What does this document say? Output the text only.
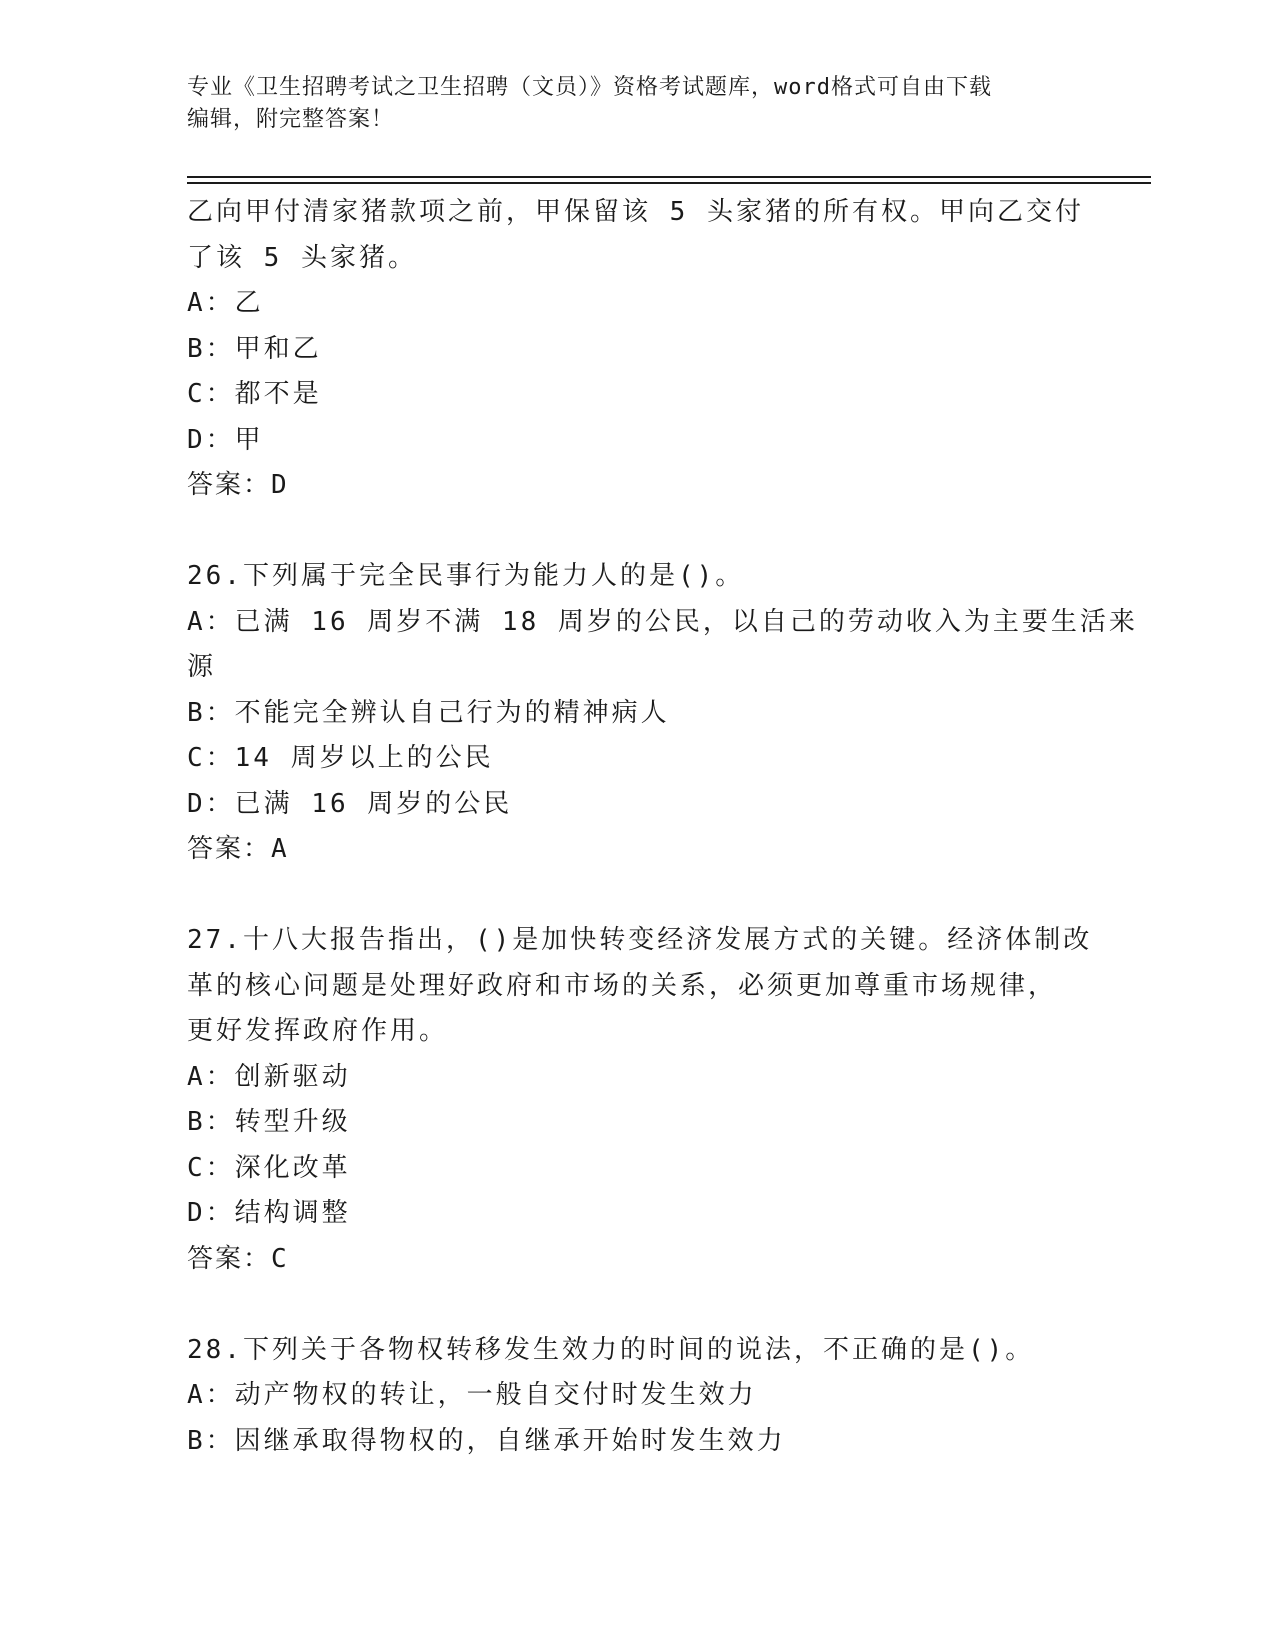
专业《卫生招聘考试之卫生招聘（文员）》资格考试题库，word格式可自由下载
编辑，附完整答案！
乙向甲付清家猪款项之前，甲保留该 5 头家猪的所有权。甲向乙交付
了该 5 头家猪。
A：乙
B：甲和乙
C：都不是
D：甲
答案：D
26.下列属于完全民事行为能力人的是()。
A：已满 16 周岁不满 18 周岁的公民，以自己的劳动收入为主要生活来
源
B：不能完全辨认自己行为的精神病人
C：14 周岁以上的公民
D：已满 16 周岁的公民
答案：A
27.十八大报告指出，()是加快转变经济发展方式的关键。经济体制改
革的核心问题是处理好政府和市场的关系，必须更加尊重市场规律，
更好发挥政府作用。
A：创新驱动
B：转型升级
C：深化改革
D：结构调整
答案：C
28.下列关于各物权转移发生效力的时间的说法，不正确的是()。
A：动产物权的转让，一般自交付时发生效力
B：因继承取得物权的，自继承开始时发生效力
